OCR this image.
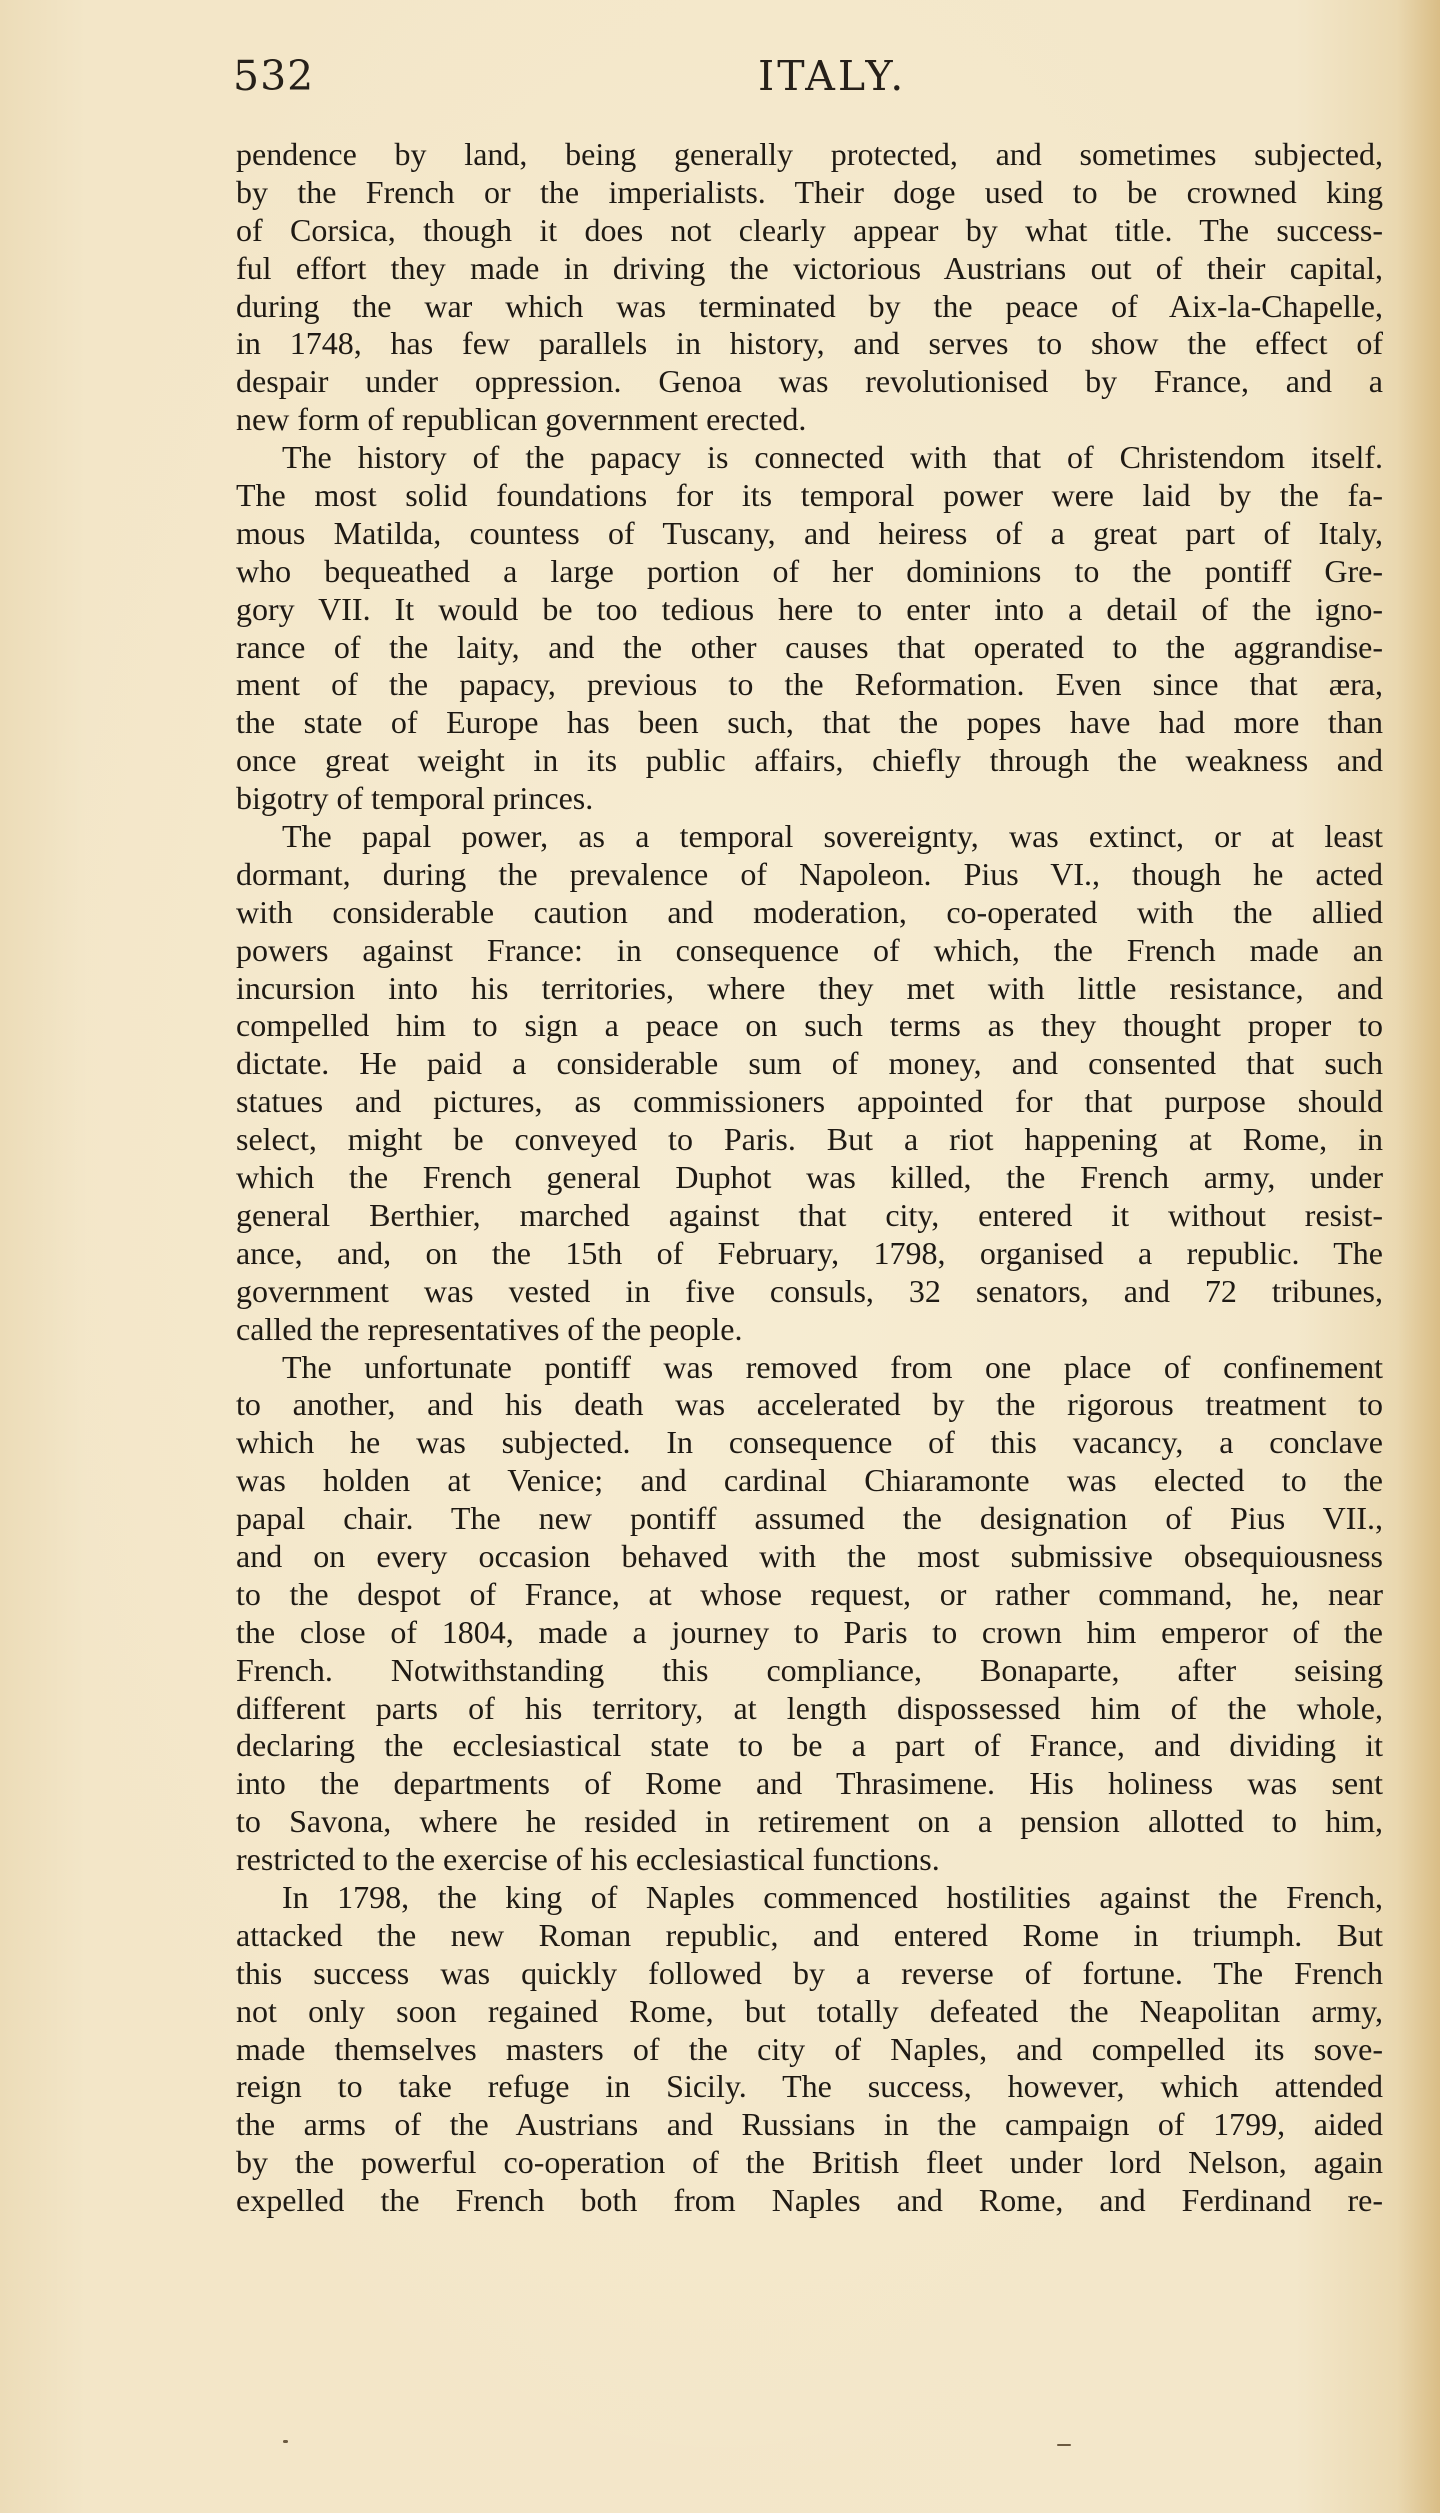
532	ITALY.
pendence by land, being generally protected, and sometimes subjected,
by the French or the imperialists. Their doge used to be crowned king
of Corsica, though it does not clearly appear by what title. The success-
ful effort they made in driving the victorious Austrians out of their capital,
during the war which was terminated by the peace of Aix-la-Chapelle,
in 1748, has few parallels in history, and serves to show the effect of
despair under oppression. Genoa was revolutionised by France, and a
new form of republican government erected.
The history of the papacy is connected with that of Christendom itself.
The most solid foundations for its temporal power were laid by the fa-
mous Matilda, countess of Tuscany, and heiress of a great part of Italy,
who bequeathed a large portion of her dominions to the pontiff Gre-
gory VII. It would be too tedious here to enter into a detail of the igno-
rance of the laity, and the other causes that operated to the aggrandise-
ment of the papacy, previous to the Reformation. Even since that æra,
the state of Europe has been such, that the popes have had more than
once great weight in its public affairs, chiefly through the weakness and
bigotry of temporal princes.
The papal power, as a temporal sovereignty, was extinct, or at least
dormant, during the prevalence of Napoleon. Pius VI., though he acted
with considerable caution and moderation, co-operated with the allied
powers against France: in consequence of which, the French made an
incursion into his territories, where they met with little resistance, and
compelled him to sign a peace on such terms as they thought proper to
dictate. He paid a considerable sum of money, and consented that such
statues and pictures, as commissioners appointed for that purpose should
select, might be conveyed to Paris. But a riot happening at Rome, in
which the French general Duphot was killed, the French army, under
general Berthier, marched against that city, entered it without resist-
ance, and, on the 15th of February, 1798, organised a republic. The
government was vested in five consuls, 32 senators, and 72 tribunes,
called the representatives of the people.
The unfortunate pontiff was removed from one place of confinement
to another, and his death was accelerated by the rigorous treatment to
which he was subjected. In consequence of this vacancy, a conclave
was holden at Venice; and cardinal Chiaramonte was elected to the
papal chair. The new pontiff assumed the designation of Pius VII.,
and on every occasion behaved with the most submissive obsequiousness
to the despot of France, at whose request, or rather command, he, near
the close of 1804, made a journey to Paris to crown him emperor of the
French. Notwithstanding this compliance, Bonaparte, after seising
different parts of his territory, at length dispossessed him of the whole,
declaring the ecclesiastical state to be a part of France, and dividing it
into the departments of Rome and Thrasimene. His holiness was sent
to Savona, where he resided in retirement on a pension allotted to him,
restricted to the exercise of his ecclesiastical functions.
In 1798, the king of Naples commenced hostilities against the French,
attacked the new Roman republic, and entered Rome in triumph. But
this success was quickly followed by a reverse of fortune. The French
not only soon regained Rome, but totally defeated the Neapolitan army,
made themselves masters of the city of Naples, and compelled its sove-
reign to take refuge in Sicily. The success, however, which attended
the arms of the Austrians and Russians in the campaign of 1799, aided
by the powerful co-operation of the British fleet under lord Nelson, again
expelled the French both from Naples and Rome, and Ferdinand re-
